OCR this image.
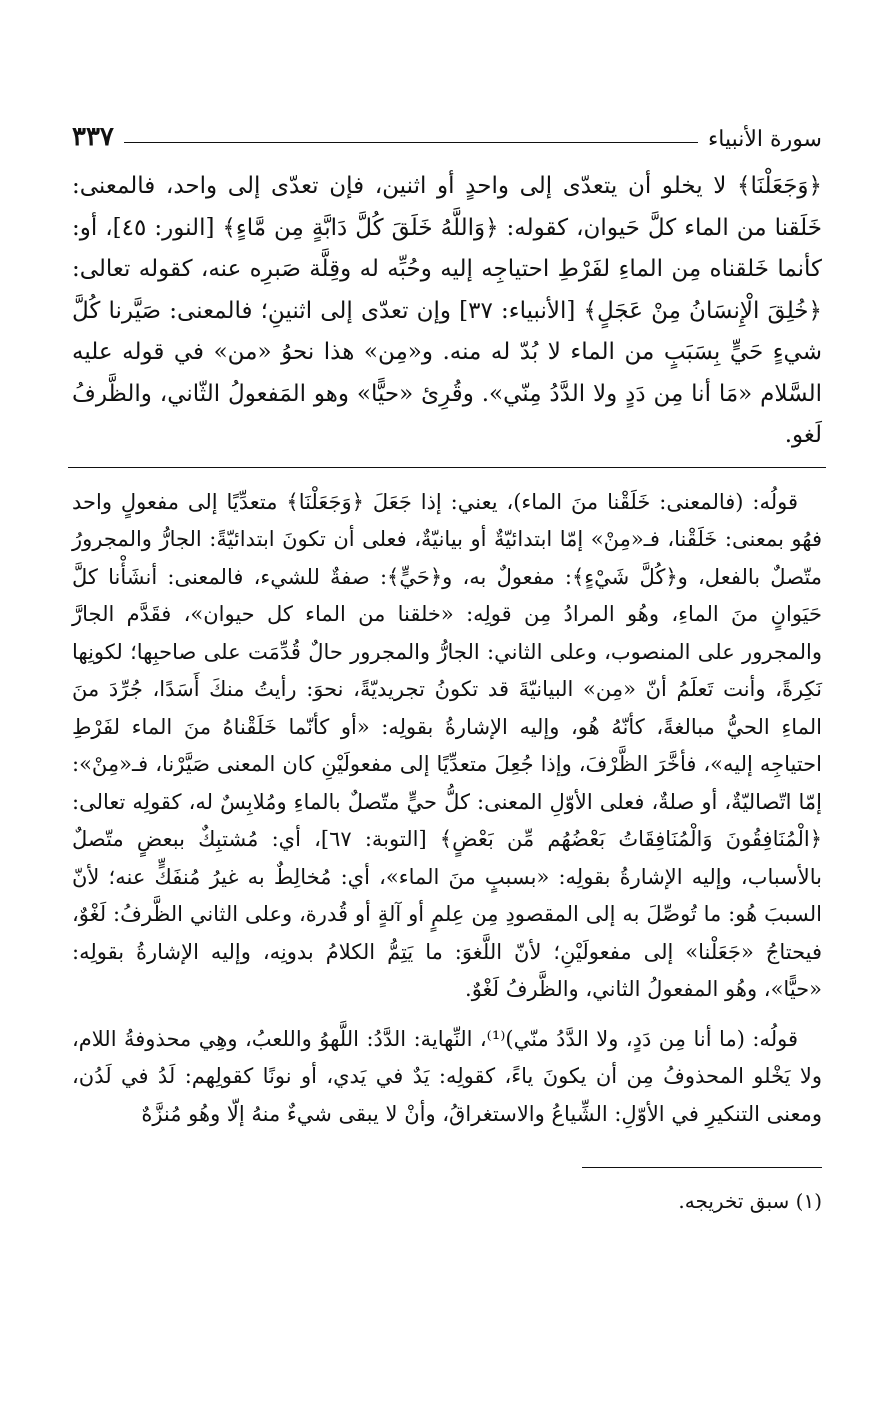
سورة الأنبياء
٣٣٧

﴿وَجَعَلْنَا﴾ لا يخلو أن يتعدّى إلى واحدٍ أو اثنين، فإن تعدّى إلى واحد، فالمعنى: خَلَقنا من الماء كلَّ حَيوان، كقوله: ﴿وَاللَّهُ خَلَقَ كُلَّ دَابَّةٍ مِن مَّاءٍ﴾ [النور: ٤٥]، أو: كأنما خَلقناه مِن الماءِ لفَرْطِ احتياجِه إليه وحُبِّه له وقِلَّة صَبرِه عنه، كقوله تعالى: ﴿خُلِقَ الْإِنسَانُ مِنْ عَجَلٍ﴾ [الأنبياء: ٣٧] وإن تعدّى إلى اثنينِ؛ فالمعنى: صَيَّرنا كُلَّ شيءٍ حَيٍّ بِسَبَبٍ من الماء لا بُدّ له منه. و«مِن» هذا نحوُ «من» في قوله عليه السَّلام «مَا أنا مِن دَدٍ ولا الدَّدُ مِنّي». وقُرِئ «حيًّا» وهو المَفعولُ الثّاني، والظَّرفُ لَغو.

قولُه: (فالمعنى: خَلَقْنا منَ الماء)، يعني: إذا جَعَلَ ﴿وَجَعَلْنَا﴾ متعدِّيًا إلى مفعولٍ واحد فهُو بمعنى: خَلَقْنا، فـ«مِنْ» إمّا ابتدائيّةٌ أو بيانيّةٌ، فعلى أن تكونَ ابتدائيّةً: الجارُّ والمجرورُ متّصلٌ بالفعل، و﴿كُلَّ شَيْءٍ﴾: مفعولٌ به، و﴿حَيٍّ﴾: صفةٌ للشيء، فالمعنى: أنشَأْنا كلَّ حَيَوانٍ منَ الماءِ، وهُو المرادُ مِن قولِه: «خلقنا من الماء كل حيوان»، فقَدَّم الجارَّ والمجرور على المنصوب، وعلى الثاني: الجارُّ والمجرور حالٌ قُدِّمَت على صاحبِها؛ لكونِها نَكِرةً، وأنت تَعلَمُ أنّ «مِن» البيانيّةَ قد تكونُ تجريديّةً، نحوَ: رأيتُ منكَ أَسَدًا، جُرِّدَ منَ الماءِ الحيُّ مبالغةً، كأنّهُ هُو، وإليه الإشارةُ بقولِه: «أو كأنّما خَلَقْناهُ منَ الماء لفَرْطِ احتياجِه إليه»، فأخَّرَ الظَّرْفَ، وإذا جُعِلَ متعدِّيًا إلى مفعولَيْنِ كان المعنى صَيَّرْنا، فـ«مِنْ»: إمّا اتّصاليّةٌ، أو صلةٌ، فعلى الأوّلِ المعنى: كلُّ حيٍّ متّصلٌ بالماءِ ومُلابِسٌ له، كقولِه تعالى: ﴿الْمُنَافِقُونَ وَالْمُنَافِقَاتُ بَعْضُهُم مِّن بَعْضٍ﴾ [التوبة: ٦٧]، أي: مُشتبِكٌ ببعضٍ متّصلٌ بالأسباب، وإليه الإشارةُ بقولِه: «بسببٍ منَ الماء»، أي: مُخالِطٌ به غيرُ مُنفَكٍّ عنه؛ لأنّ السببَ هُو: ما تُوصِّلَ به إلى المقصودِ مِن عِلمٍ أو آلةٍ أو قُدرة، وعلى الثاني الظَّرفُ: لَغْوٌ، فيحتاجُ «جَعَلْنا» إلى مفعولَيْنِ؛ لأنّ اللَّغوَ: ما يَتِمُّ الكلامُ بدونِه، وإليه الإشارةُ بقولِه: «حيًّا»، وهُو المفعولُ الثاني، والظَّرفُ لَغْوٌ.

قولُه: (ما أنا مِن دَدٍ، ولا الدَّدُ منّي)⁽¹⁾، النِّهاية: الدَّدُ: اللَّهوُ واللعبُ، وهِي محذوفةُ اللام، ولا يَخْلو المحذوفُ مِن أن يكونَ ياءً، كقولِه: يَدٌ في يَدي، أو نونًا كقولِهم: لَدُ في لَدُن، ومعنى التنكيرِ في الأوّلِ: الشِّياعُ والاستغراقُ، وأنْ لا يبقى شيءٌ منهُ إلّا وهُو مُنزَّهٌ

(١) سبق تخريجه.
